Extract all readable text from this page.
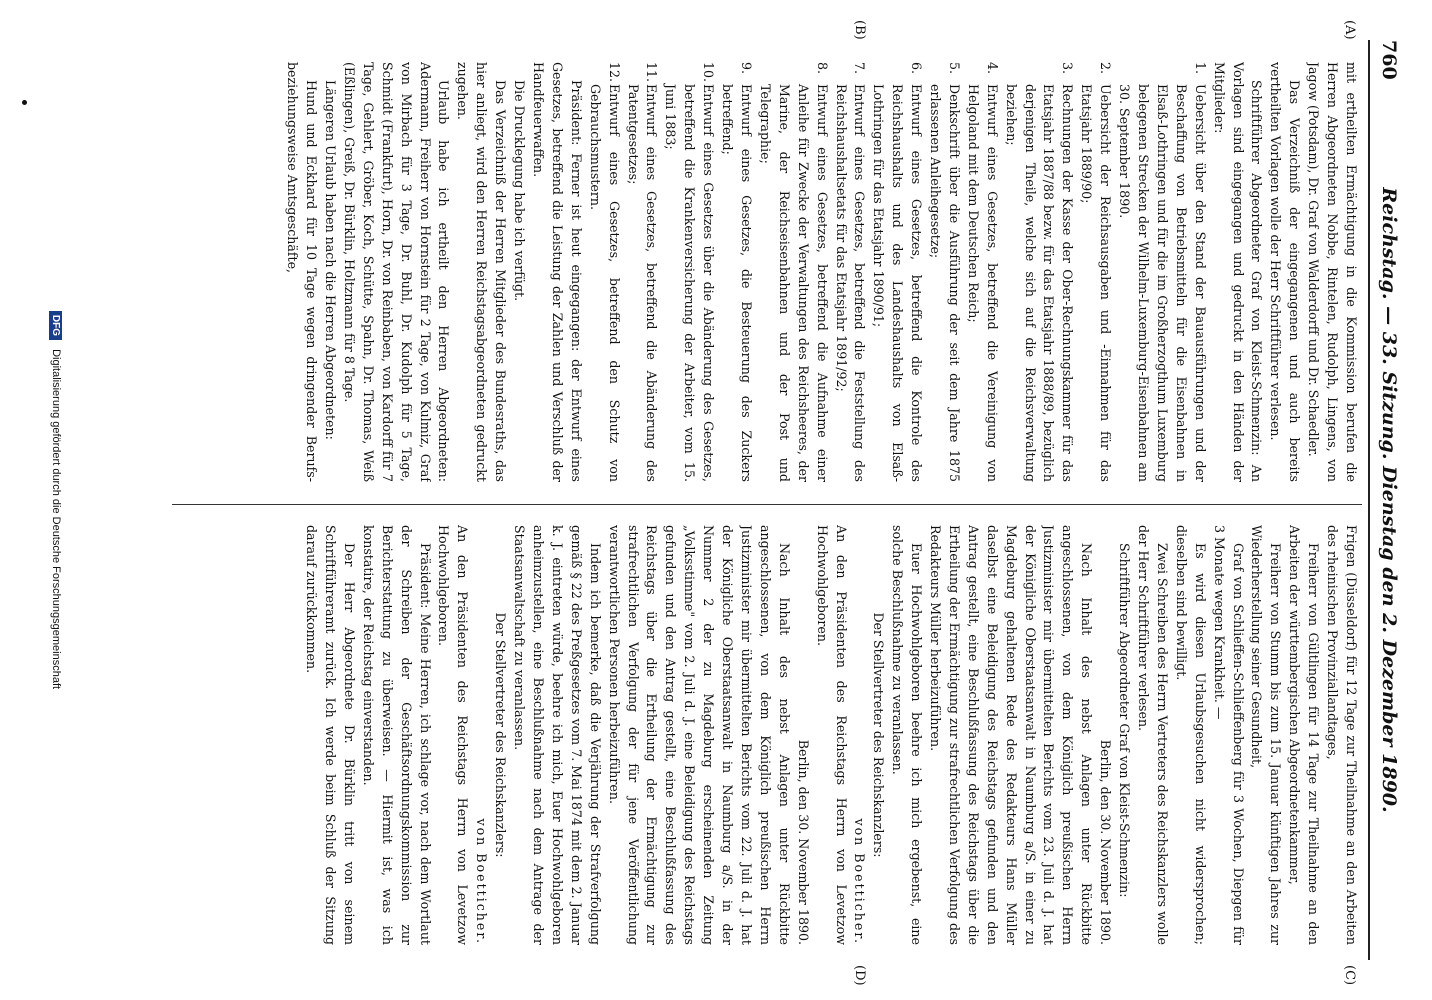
760
Reichstag. — 33. Sitzung. Dienstag den 2. Dezember 1890.
(A)
(B)
(C)
(D)

mit ertheilten Ermächtigung in die Kommission berufen die Herren Abgeordneten Nobbe, Rintelen, Rudolph, Lingens, von Jagow (Potsdam), Dr. Graf von Walderdorff und Dr. Schaedler.

Das Verzeichniß der eingegangenen und auch bereits vertheilten Vorlagen wolle der Herr Schriftführer verlesen.

Schriftführer Abgeordneter Graf von Kleist-Schmenzin: An Vorlagen sind eingegangen und gedruckt in den Händen der Mitglieder:

1.
Uebersicht über den Stand der Bauausführungen und der Beschaffung von Betriebsmitteln für die Eisenbahnen in Elsaß-Lothringen und für die im Großherzogthum Luxemburg belegenen Strecken der Wilhelm-Luxemburg-Eisenbahnen am 30. September 1890.

2.
Uebersicht der Reichsausgaben und -Einnahmen für das Etatsjahr 1889/90;

3.
Rechnungen der Kasse der Ober-Rechnungskammer für das Etatsjahr 1887/88 bezw. für das Etatsjahr 1888/89, bezüglich derjenigen Theile, welche sich auf die Reichsverwaltung beziehen;

4.
Entwurf eines Gesetzes, betreffend die Vereinigung von Helgoland mit dem Deutschen Reich;

5.
Denkschrift über die Ausführung der seit dem Jahre 1875 erlassenen Anleihegesetze;

6.
Entwurf eines Gesetzes, betreffend die Kontrole des Reichshaushalts und des Landeshaushalts von Elsaß-Lothringen für das Etatsjahr 1890/91;

7.
Entwurf eines Gesetzes, betreffend die Feststellung des Reichshaushaltsetats für das Etatsjahr 1891/92;

8.
Entwurf eines Gesetzes, betreffend die Aufnahme einer Anleihe für Zwecke der Verwaltungen des Reichsheeres, der Marine, der Reichseisenbahnen und der Post und Telegraphie;

9.
Entwurf eines Gesetzes, die Besteuerung des Zuckers betreffend;

10.
Entwurf eines Gesetzes über die Abänderung des Gesetzes, betreffend die Krankenversicherung der Arbeiter, vom 15. Juni 1883;

11.
Entwurf eines Gesetzes, betreffend die Abänderung des Patentgesetzes;

12.
Entwurf eines Gesetzes, betreffend den Schutz von Gebrauchsmustern.

Präsident: Ferner ist heut eingegangen: der Entwurf eines Gesetzes, betreffend die Leistung der Zahlen und Verschluß der Handfeuerwaffen.

Die Drucklegung habe ich verfügt.

Das Verzeichniß der Herren Mitglieder des Bundesraths, das hier anliegt, wird den Herren Reichstagsabgeordneten gedruckt zugehen.

Urlaub habe ich ertheilt den Herren Abgeordneten: Adermann, Freiherr von Hornstein für 2 Tage, von Kulmiz, Graf von Mirbach für 3 Tage, Dr. Buhl, Dr. Kudolph für 5 Tage, Schmidt (Frankfurt), Horn, Dr. von Reinbaben, von Kardorff für 7 Tage, Gehlert, Gröber, Koch, Schütte, Spahn, Dr. Thomas, Weiß (Eßlingen), Greiß, Dr. Bürklin, Holtzmann für 8 Tage.

Längeren Urlaub haben nach die Herren Abgeordneten:

Hund und Eckhard für 10 Tage wegen dringender Berufs- beziehungsweise Amtsgeschäfte,

Frigen (Düsseldorf) für 12 Tage zur Theilnahme an den Arbeiten des rheinischen Provinziallandtages,

Freiherr von Gültlingen für 14 Tage zur Theilnahme an den Arbeiten der württembergischen Abgeordnetenkammer,

Freiherr von Stumm bis zum 15. Januar künftigen Jahres zur Wiederherstellung seiner Gesundheit,

Graf von Schlieffen-Schlieffenberg für 3 Wochen, Diepgen für 3 Monate wegen Krankheit. —

Es wird diesen Urlaubsgesuchen nicht widersprochen; dieselben sind bewilligt.

Zwei Schreiben des Herrn Vertreters des Reichskanzlers wolle der Herr Schriftführer verlesen.

Schriftführer Abgeordneter Graf von Kleist-Schmenzin:

Berlin, den 30. November 1890.

Nach Inhalt des nebst Anlagen unter Rückbitte angeschlossenen, von dem Königlich preußischen Herrn Justizminister mir übermittelten Berichts vom 23. Juli d. J. hat der Königliche Oberstaatsanwalt in Naumburg a/S. in einer zu Magdeburg gehaltenen Rede des Redakteurs Hans Müller daselbst eine Beleidigung des Reichstags gefunden und den Antrag gestellt, eine Beschlußfassung des Reichstags über die Ertheilung der Ermächtigung zur strafrechtlichen Verfolgung des Redakteurs Müller herbeizuführen.

Euer Hochwohlgeboren beehre ich mich ergebenst, eine solche Beschlußnahme zu veranlassen.

Der Stellvertreter des Reichskanzlers:

von Boetticher.

An den Präsidenten des Reichstags Herrn von Levetzow Hochwohlgeboren.

Berlin, den 30. November 1890.

Nach Inhalt des nebst Anlagen unter Rückbitte angeschlossenen, von dem Königlich preußischen Herrn Justizminister mir übermittelten Berichts vom 22. Juli d. J. hat der Königliche Oberstaatsanwalt in Naumburg a/S. in der Nummer 2 der zu Magdeburg erscheinenden Zeitung „Volksstimme" vom 2. Juli d. J. eine Beleidigung des Reichstags gefunden und den Antrag gestellt, eine Beschlußfassung des Reichstags über die Ertheilung der Ermächtigung zur strafrechtlichen Verfolgung der für jene Veröffentlichung verantwortlichen Personen herbeizuführen.

Indem ich bemerke, daß die Verjährung der Strafverfolgung gemäß § 22 des Preßgesetzes vom 7. Mai 1874 mit dem 2. Januar k. J. eintreten würde, beehre ich mich, Euer Hochwohlgeboren anheimzustellen, eine Beschlußnahme nach dem Antrage der Staatsanwaltschaft zu veranlassen.

Der Stellvertreter des Reichskanzlers:

von Boetticher.

An den Präsidenten des Reichstags Herrn von Levetzow Hochwohlgeboren.

Präsident: Meine Herren, ich schlage vor, nach dem Wortlaut der Schreiben der Geschäftsordnungskommission zur Berichterstattung zu überweisen. — Hiermit ist, was ich konstatire, der Reichstag einverstanden.

Der Herr Abgeordnete Dr. Bürklin tritt von seinem Schriftführeramt zurück. Ich werde beim Schluß der Sitzung darauf zurückkommen.

DFG Digitalisierung gefördert durch die Deutsche Forschungsgemeinschaft
